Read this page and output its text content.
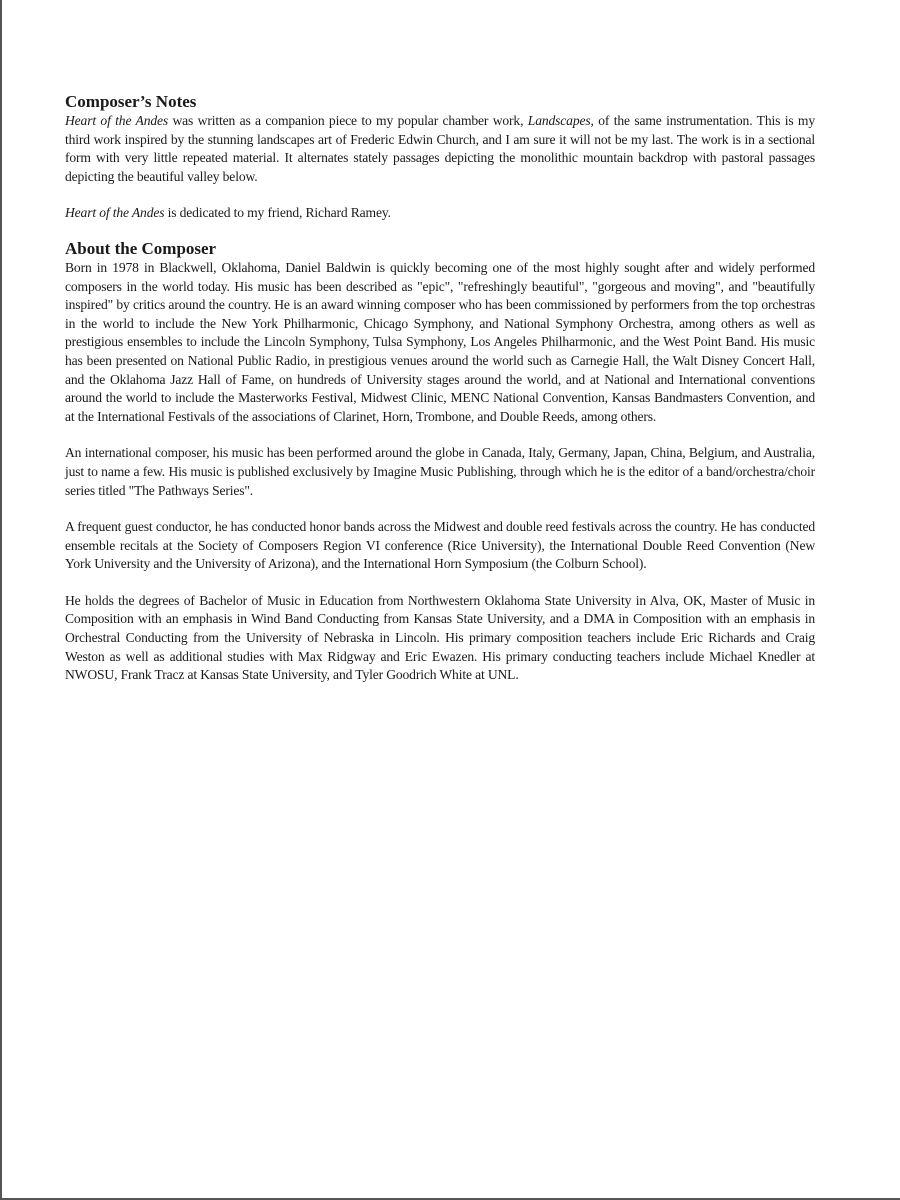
Composer’s Notes

Heart of the Andes was written as a companion piece to my popular chamber work, Landscapes, of the same instrumentation. This is my third work inspired by the stunning landscapes art of Frederic Edwin Church, and I am sure it will not be my last. The work is in a sectional form with very little repeated material. It alternates stately passages depicting the monolithic mountain backdrop with pastoral passages depicting the beautiful valley below.

Heart of the Andes is dedicated to my friend, Richard Ramey.

About the Composer

Born in 1978 in Blackwell, Oklahoma, Daniel Baldwin is quickly becoming one of the most highly sought after and widely performed composers in the world today. His music has been described as "epic", "refreshingly beautiful", "gorgeous and moving", and "beautifully inspired" by critics around the country. He is an award winning composer who has been commissioned by performers from the top orchestras in the world to include the New York Philharmonic, Chicago Symphony, and National Symphony Orchestra, among others as well as prestigious ensembles to include the Lincoln Symphony, Tulsa Symphony, Los Angeles Philharmonic, and the West Point Band. His music has been presented on National Public Radio, in prestigious venues around the world such as Carnegie Hall, the Walt Disney Concert Hall, and the Oklahoma Jazz Hall of Fame, on hundreds of University stages around the world, and at National and International conventions around the world to include the Masterworks Festival, Midwest Clinic, MENC National Convention, Kansas Bandmasters Convention, and at the International Festivals of the associations of Clarinet, Horn, Trombone, and Double Reeds, among others.

An international composer, his music has been performed around the globe in Canada, Italy, Germany, Japan, China, Belgium, and Australia, just to name a few. His music is published exclusively by Imagine Music Publishing, through which he is the editor of a band/orchestra/choir series titled "The Pathways Series".

A frequent guest conductor, he has conducted honor bands across the Midwest and double reed festivals across the country. He has conducted ensemble recitals at the Society of Composers Region VI conference (Rice University), the International Double Reed Convention (New York University and the University of Arizona), and the International Horn Symposium (the Colburn School).

He holds the degrees of Bachelor of Music in Education from Northwestern Oklahoma State University in Alva, OK, Master of Music in Composition with an emphasis in Wind Band Conducting from Kansas State University, and a DMA in Composition with an emphasis in Orchestral Conducting from the University of Nebraska in Lincoln. His primary composition teachers include Eric Richards and Craig Weston as well as additional studies with Max Ridgway and Eric Ewazen. His primary conducting teachers include Michael Knedler at NWOSU, Frank Tracz at Kansas State University, and Tyler Goodrich White at UNL.
